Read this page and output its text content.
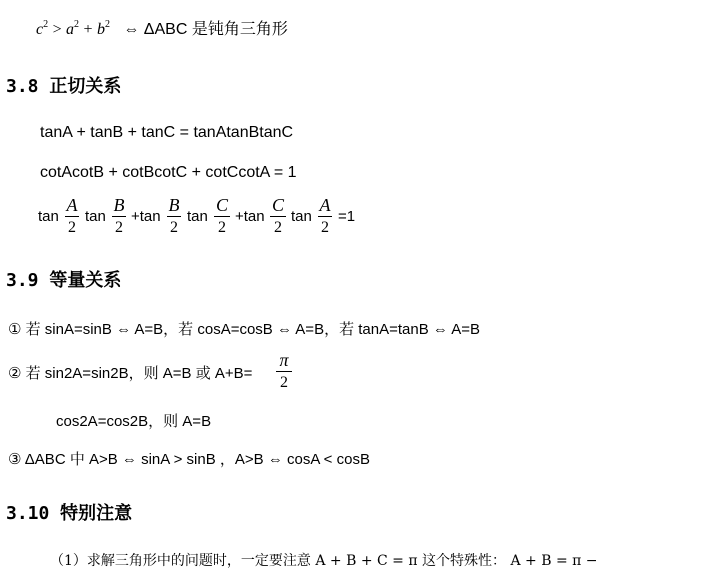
$c^2 > a^2 + b^2$ ⇔ ΔABC 是钝角三角形
3.8 正切关系
tanA + tanB + tanC = tanAtanBtanC
cotAcotB + cotBcotC + cotCcotA = 1
tan
A
2
tan
B
2
+tan
B
2
tan
C
2
+tan
C
2
tan
A
2
=1
3.9 等量关系
① 若 sinA=sinB ⇔ A=B，若 cosA=cosB ⇔ A=B，若 tanA=tanB ⇔ A=B
② 若 sin2A=sin2B，则 A=B 或 A+B=
π
2
cos2A=cos2B，则 A=B
③ ΔABC 中 A>B ⇔ sinA > sinB ，A>B ⇔ cosA < cosB
3.10 特别注意
（1）求解三角形中的问题时，一定要注意 A + B + C = π 这个特殊性： A + B = π −
